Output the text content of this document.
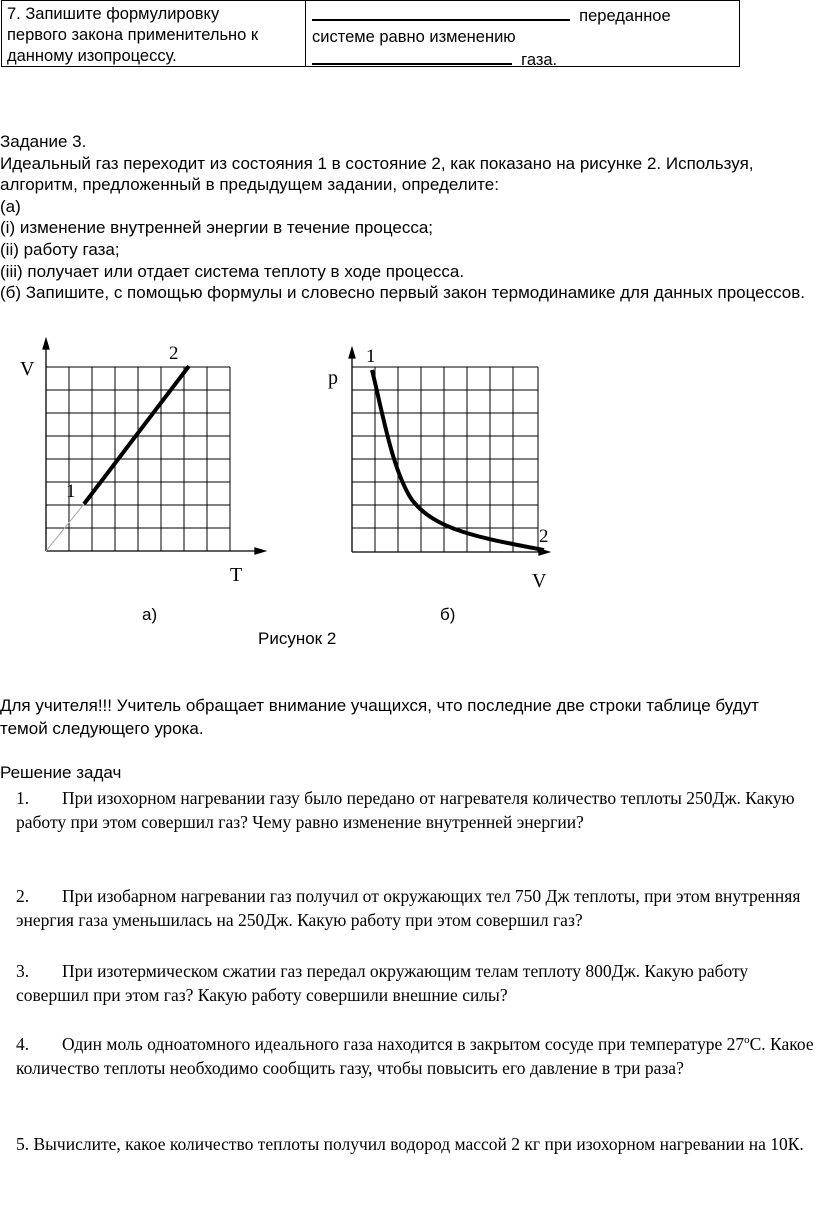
7. Запишите формулировку
первого закона применительно к
данному изопроцессу.
переданное
системе равно изменению
газа.

Задание 3.

Идеальный газ переходит из состояния 1 в состояние 2, как показано на рисунке 2. Используя, алгоритм, предложенный в предыдущем задании, определите:

(а)

(i) изменение внутренней энергии в течение процесса;

(ii) работу газа;

(iii) получает или отдает система теплоту в ходе процесса.

(б) Запишите, с помощью формулы и словесно первый закон термодинамике для данных процессов.

V
T
1
2
p
V
1
2
а)	б)
Рисунок 2
Для учителя!!! Учитель обращает внимание учащихся, что последние две строки таблице будут темой следующего урока.
Решение задач
1. При изохорном нагревании газу было передано от нагревателя количество теплоты 250Дж. Какую работу при этом совершил газ? Чему равно изменение внутренней энергии?
2. При изобарном нагревании газ получил от окружающих тел 750 Дж теплоты, при этом внутренняя энергия газа уменьшилась на 250Дж. Какую работу при этом совершил газ?
3. При изотермическом сжатии газ передал окружающим телам теплоту 800Дж. Какую работу совершил при этом газ? Какую работу совершили внешние силы?
4. Один моль одноатомного идеального газа находится в закрытом сосуде при температуре 27$^o$С. Какое количество теплоты необходимо сообщить газу, чтобы повысить его давление в три раза?
5. Вычислите, какое количество теплоты получил водород массой 2 кг при изохорном нагревании на 10К.
